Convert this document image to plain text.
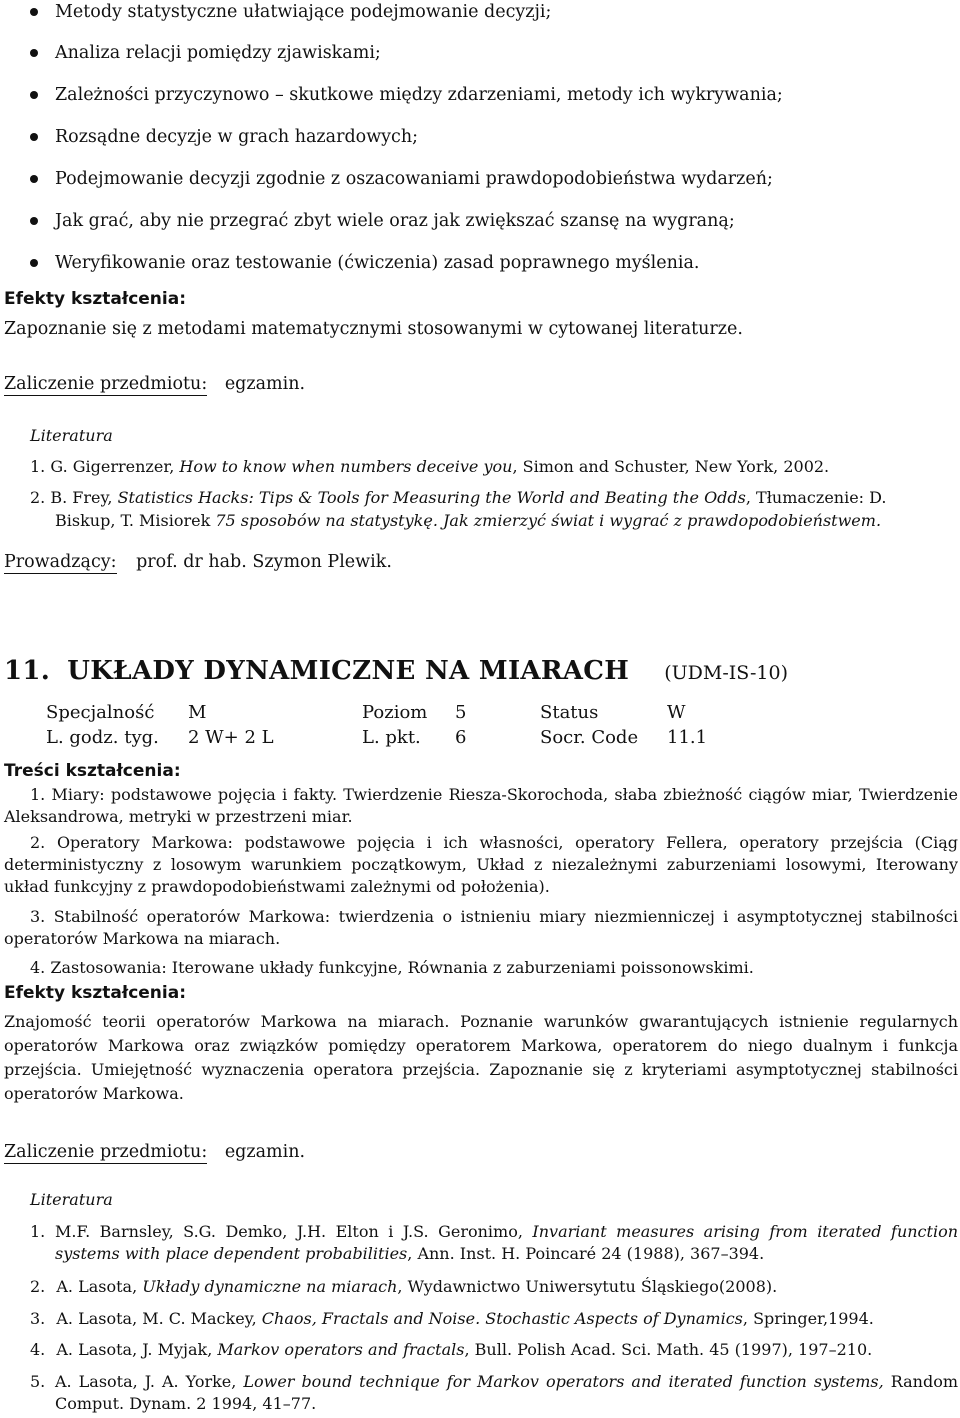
Metody statystyczne ułatwiające podejmowanie decyzji;
Analiza relacji pomiędzy zjawiskami;
Zależności przyczynowo – skutkowe między zdarzeniami, metody ich wykrywania;
Rozsądne decyzje w grach hazardowych;
Podejmowanie decyzji zgodnie z oszacowaniami prawdopodobieństwa wydarzeń;
Jak grać, aby nie przegrać zbyt wiele oraz jak zwiększać szansę na wygraną;
Weryfikowanie oraz testowanie (ćwiczenia) zasad poprawnego myślenia.
Efekty kształcenia:
Zapoznanie się z metodami matematycznymi stosowanymi w cytowanej literaturze.
Zaliczenie przedmiotu: egzamin.
Literatura
1. G. Gigerrenzer, How to know when numbers deceive you, Simon and Schuster, New York, 2002.
2. B. Frey, Statistics Hacks: Tips & Tools for Measuring the World and Beating the Odds, Tłumaczenie: D.
Biskup, T. Misiorek 75 sposobów na statystykę. Jak zmierzyć świat i wygrać z prawdopodobieństwem.
Prowadzący: prof. dr hab. Szymon Plewik.
11. UKŁADY DYNAMICZNE NA MIARACH (UDM-IS-10)
Specjalność	M	Poziom	5	Status	W
L. godz. tyg.	2 W+ 2 L	L. pkt.	6	Socr. Code	11.1
Treści kształcenia:
1. Miary: podstawowe pojęcia i fakty. Twierdzenie Riesza-Skorochoda, słaba zbieżność ciągów miar, Twierdzenie Aleksandrowa, metryki w przestrzeni miar.
2. Operatory Markowa: podstawowe pojęcia i ich własności, operatory Fellera, operatory przejścia (Ciąg deterministyczny z losowym warunkiem początkowym, Układ z niezależnymi zaburzeniami losowymi, Iterowany układ funkcyjny z prawdopodobieństwami zależnymi od położenia).
3. Stabilność operatorów Markowa: twierdzenia o istnieniu miary niezmienniczej i asymptotycznej stabilności operatorów Markowa na miarach.
4. Zastosowania: Iterowane układy funkcyjne, Równania z zaburzeniami poissonowskimi.
Efekty kształcenia:
Znajomość teorii operatorów Markowa na miarach. Poznanie warunków gwarantujących istnienie regularnych operatorów Markowa oraz związków pomiędzy operatorem Markowa, operatorem do niego dualnym i funkcja przejścia. Umiejętność wyznaczenia operatora przejścia. Zapoznanie się z kryteriami asymptotycznej stabilności operatorów Markowa.
Zaliczenie przedmiotu: egzamin.
Literatura
1. M.F. Barnsley, S.G. Demko, J.H. Elton i J.S. Geronimo, Invariant measures arising from iterated function systems with place dependent probabilities, Ann. Inst. H. Poincaré 24 (1988), 367–394.
2. A. Lasota, Układy dynamiczne na miarach, Wydawnictwo Uniwersytutu Śląskiego(2008).
3. A. Lasota, M. C. Mackey, Chaos, Fractals and Noise. Stochastic Aspects of Dynamics, Springer,1994.
4. A. Lasota, J. Myjak, Markov operators and fractals, Bull. Polish Acad. Sci. Math. 45 (1997), 197–210.
5. A. Lasota, J. A. Yorke, Lower bound technique for Markov operators and iterated function systems, Random Comput. Dynam. 2 1994, 41–77.
